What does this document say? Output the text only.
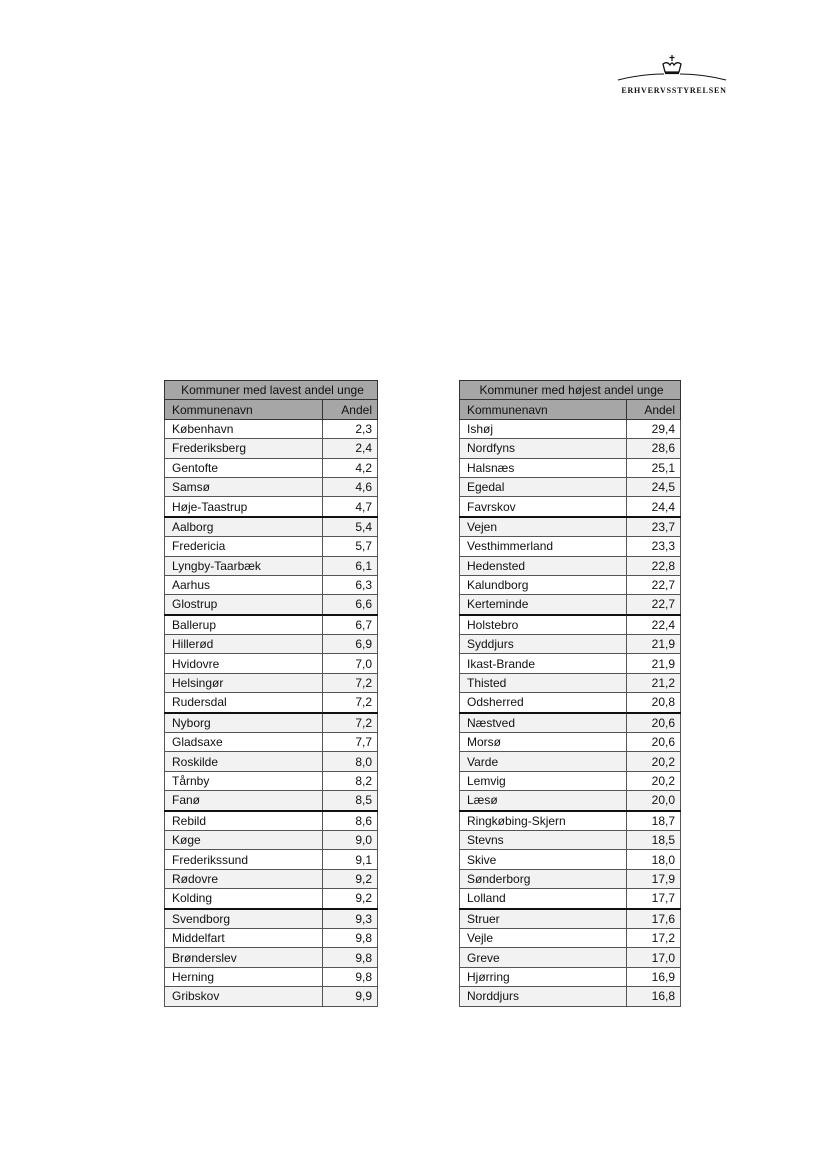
ERHVERVSSTYRELSEN
Kommuner med lavest andel unge	
Kommunenavn	Andel
København	2,3
Frederiksberg	2,4
Gentofte	4,2
Samsø	4,6
Høje-Taastrup	4,7
Aalborg	5,4
Fredericia	5,7
Lyngby-Taarbæk	6,1
Aarhus	6,3
Glostrup	6,6
Ballerup	6,7
Hillerød	6,9
Hvidovre	7,0
Helsingør	7,2
Rudersdal	7,2
Nyborg	7,2
Gladsaxe	7,7
Roskilde	8,0
Tårnby	8,2
Fanø	8,5
Rebild	8,6
Køge	9,0
Frederikssund	9,1
Rødovre	9,2
Kolding	9,2
Svendborg	9,3
Middelfart	9,8
Brønderslev	9,8
Herning	9,8
Gribskov	9,9
Kommuner med højest andel unge	
Kommunenavn	Andel
Ishøj	29,4
Nordfyns	28,6
Halsnæs	25,1
Egedal	24,5
Favrskov	24,4
Vejen	23,7
Vesthimmerland	23,3
Hedensted	22,8
Kalundborg	22,7
Kerteminde	22,7
Holstebro	22,4
Syddjurs	21,9
Ikast-Brande	21,9
Thisted	21,2
Odsherred	20,8
Næstved	20,6
Morsø	20,6
Varde	20,2
Lemvig	20,2
Læsø	20,0
Ringkøbing-Skjern	18,7
Stevns	18,5
Skive	18,0
Sønderborg	17,9
Lolland	17,7
Struer	17,6
Vejle	17,2
Greve	17,0
Hjørring	16,9
Norddjurs	16,8
